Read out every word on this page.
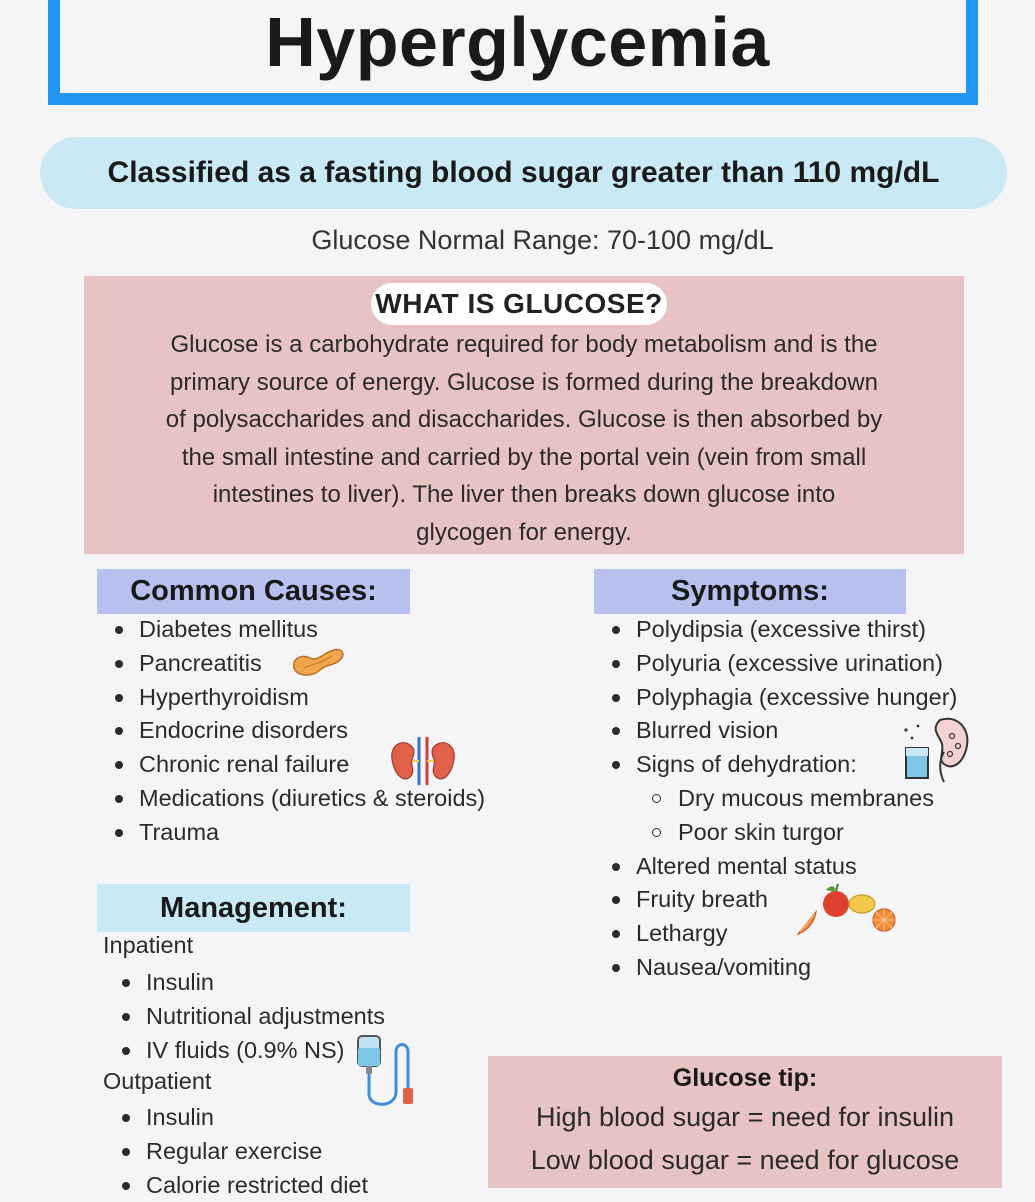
Hyperglycemia
Classified as a fasting blood sugar greater than 110 mg/dL
Glucose Normal Range: 70-100 mg/dL
WHAT IS GLUCOSE?
Glucose is a carbohydrate required for body metabolism and is the
primary source of energy. Glucose is formed during the breakdown
of polysaccharides and disaccharides. Glucose is then absorbed by
the small intestine and carried by the portal vein (vein from small
intestines to liver). The liver then breaks down glucose into
glycogen for energy.
Common Causes:
Diabetes mellitus
Pancreatitis
Hyperthyroidism
Endocrine disorders
Chronic renal failure
Medications (diuretics & steroids)
Trauma
Symptoms:
Polydipsia (excessive thirst)
Polyuria (excessive urination)
Polyphagia (excessive hunger)
Blurred vision
Signs of dehydration:
Dry mucous membranes
Poor skin turgor
Altered mental status
Fruity breath
Lethargy
Nausea/vomiting
Management:
Inpatient
Insulin
Nutritional adjustments
IV fluids (0.9% NS)
Outpatient
Insulin
Regular exercise
Calorie restricted diet
Glucose tip:
High blood sugar = need for insulin
Low blood sugar = need for glucose
